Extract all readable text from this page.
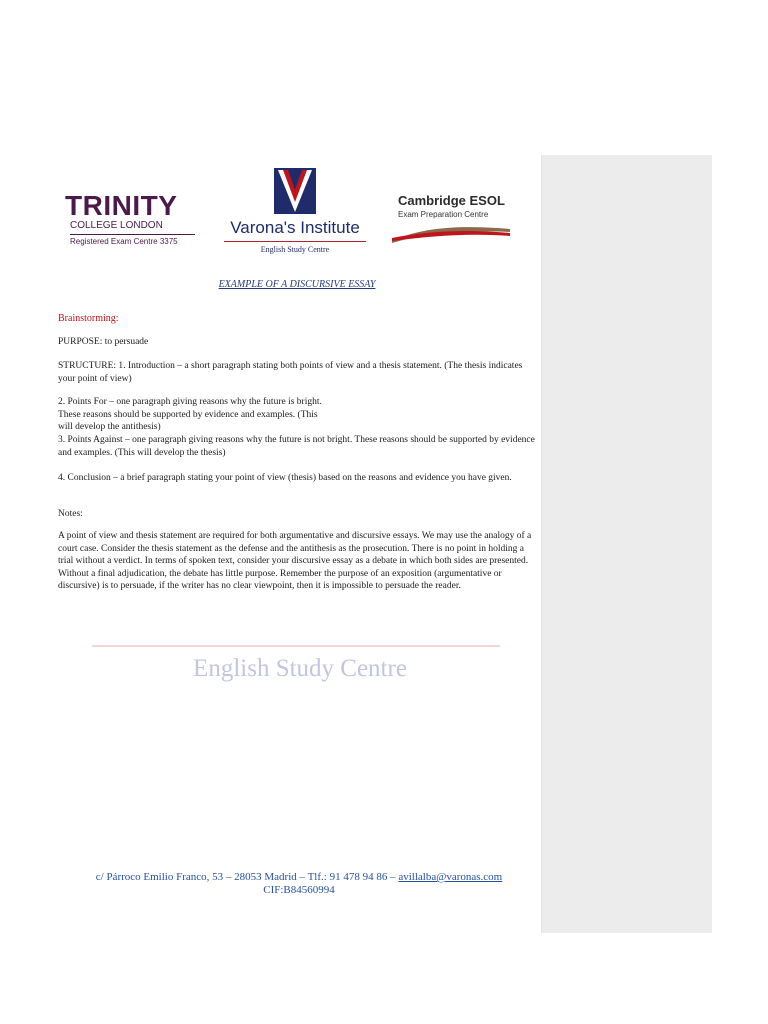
TRINITY
COLLEGE LONDON
Registered Exam Centre 3375
Varona's Institute
English Study Centre
Cambridge ESOL
Exam Preparation Centre
EXAMPLE OF A DISCURSIVE ESSAY
Brainstorming:
PURPOSE: to persuade
STRUCTURE: 1. Introduction – a short paragraph stating both points of view and a thesis statement. (The thesis indicates your point of view)
2. Points For – one paragraph giving reasons why the future is bright. These reasons should be supported by evidence and examples. (This will develop the antithesis)
3. Points Against – one paragraph giving reasons why the future is not bright. These reasons should be supported by evidence and examples. (This will develop the thesis)
4. Conclusion – a brief paragraph stating your point of view (thesis) based on the reasons and evidence you have given.
Notes:
A point of view and thesis statement are required for both argumentative and discursive essays. We may use the analogy of a court case. Consider the thesis statement as the defense and the antithesis as the prosecution. There is no point in holding a trial without a verdict. In terms of spoken text, consider your discursive essay as a debate in which both sides are presented. Without a final adjudication, the debate has little purpose. Remember the purpose of an exposition (argumentative or discursive) is to persuade, if the writer has no clear viewpoint, then it is impossible to persuade the reader.
English Study Centre
c/ Párroco Emilio Franco, 53 – 28053 Madrid – Tlf.: 91 478 94 86 – avillalba@varonas.com
CIF:B84560994
